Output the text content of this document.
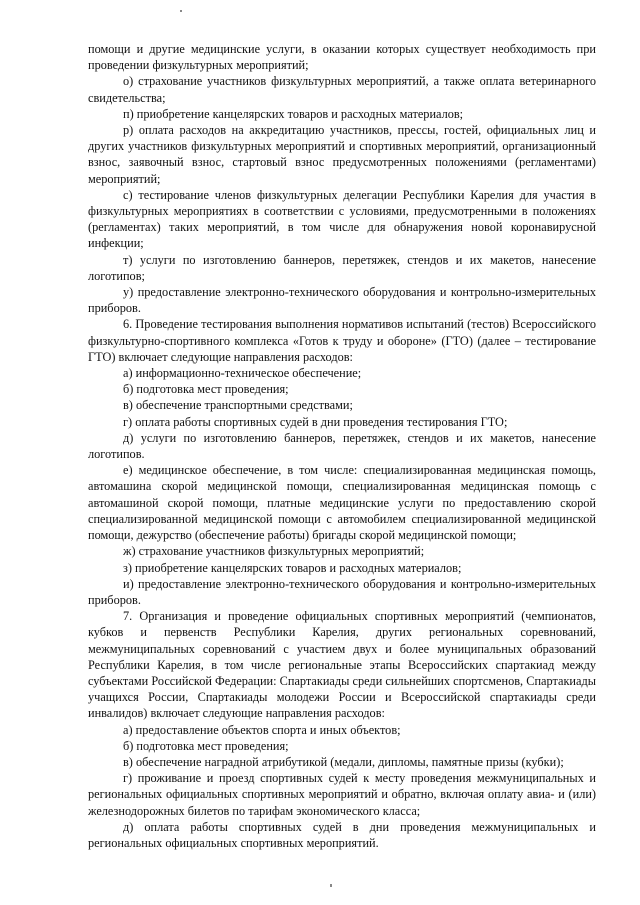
помощи и другие медицинские услуги, в оказании которых существует необходимость при проведении физкультурных мероприятий;

о) страхование участников физкультурных мероприятий, а также оплата ветеринарного свидетельства;

п) приобретение канцелярских товаров и расходных материалов;

р) оплата расходов на аккредитацию участников, прессы, гостей, официальных лиц и других участников физкультурных мероприятий и спортивных мероприятий, организационный взнос, заявочный взнос, стартовый взнос предусмотренных положениями (регламентами) мероприятий;

с) тестирование членов физкультурных делегации Республики Карелия для участия в физкультурных мероприятиях в соответствии с условиями, предусмотренными в положениях (регламентах) таких мероприятий, в том числе для обнаружения новой коронавирусной инфекции;

т) услуги по изготовлению баннеров, перетяжек, стендов и их макетов, нанесение логотипов;

у) предоставление электронно-технического оборудования и контрольно-измерительных приборов.

6. Проведение тестирования выполнения нормативов испытаний (тестов) Всероссийского физкультурно-спортивного комплекса «Готов к труду и обороне» (ГТО) (далее – тестирование ГТО) включает следующие направления расходов:

а) информационно-техническое обеспечение;

б) подготовка мест проведения;

в) обеспечение транспортными средствами;

г) оплата работы спортивных судей в дни проведения тестирования ГТО;

д) услуги по изготовлению баннеров, перетяжек, стендов и их макетов, нанесение логотипов.

е) медицинское обеспечение, в том числе: специализированная медицинская помощь, автомашина скорой медицинской помощи, специализированная медицинская помощь с автомашиной скорой помощи, платные медицинские услуги по предоставлению скорой специализированной медицинской помощи с автомобилем специализированной медицинской помощи, дежурство (обеспечение работы) бригады скорой медицинской помощи;

ж) страхование участников физкультурных мероприятий;

з) приобретение канцелярских товаров и расходных материалов;

и) предоставление электронно-технического оборудования и контрольно-измерительных приборов.

7. Организация и проведение официальных спортивных мероприятий (чемпионатов, кубков и первенств Республики Карелия, других региональных соревнований, межмуниципальных соревнований с участием двух и более муниципальных образований Республики Карелия, в том числе региональные этапы Всероссийских спартакиад между субъектами Российской Федерации: Спартакиады среди сильнейших спортсменов, Спартакиады учащихся России, Спартакиады молодежи России и Всероссийской спартакиады среди инвалидов) включает следующие направления расходов:

а) предоставление объектов спорта и иных объектов;

б) подготовка мест проведения;

в) обеспечение наградной атрибутикой (медали, дипломы, памятные призы (кубки);

г) проживание и проезд спортивных судей к месту проведения межмуниципальных и региональных официальных спортивных мероприятий и обратно, включая оплату авиа- и (или) железнодорожных билетов по тарифам экономического класса;

д) оплата работы спортивных судей в дни проведения межмуниципальных и региональных официальных спортивных мероприятий.
